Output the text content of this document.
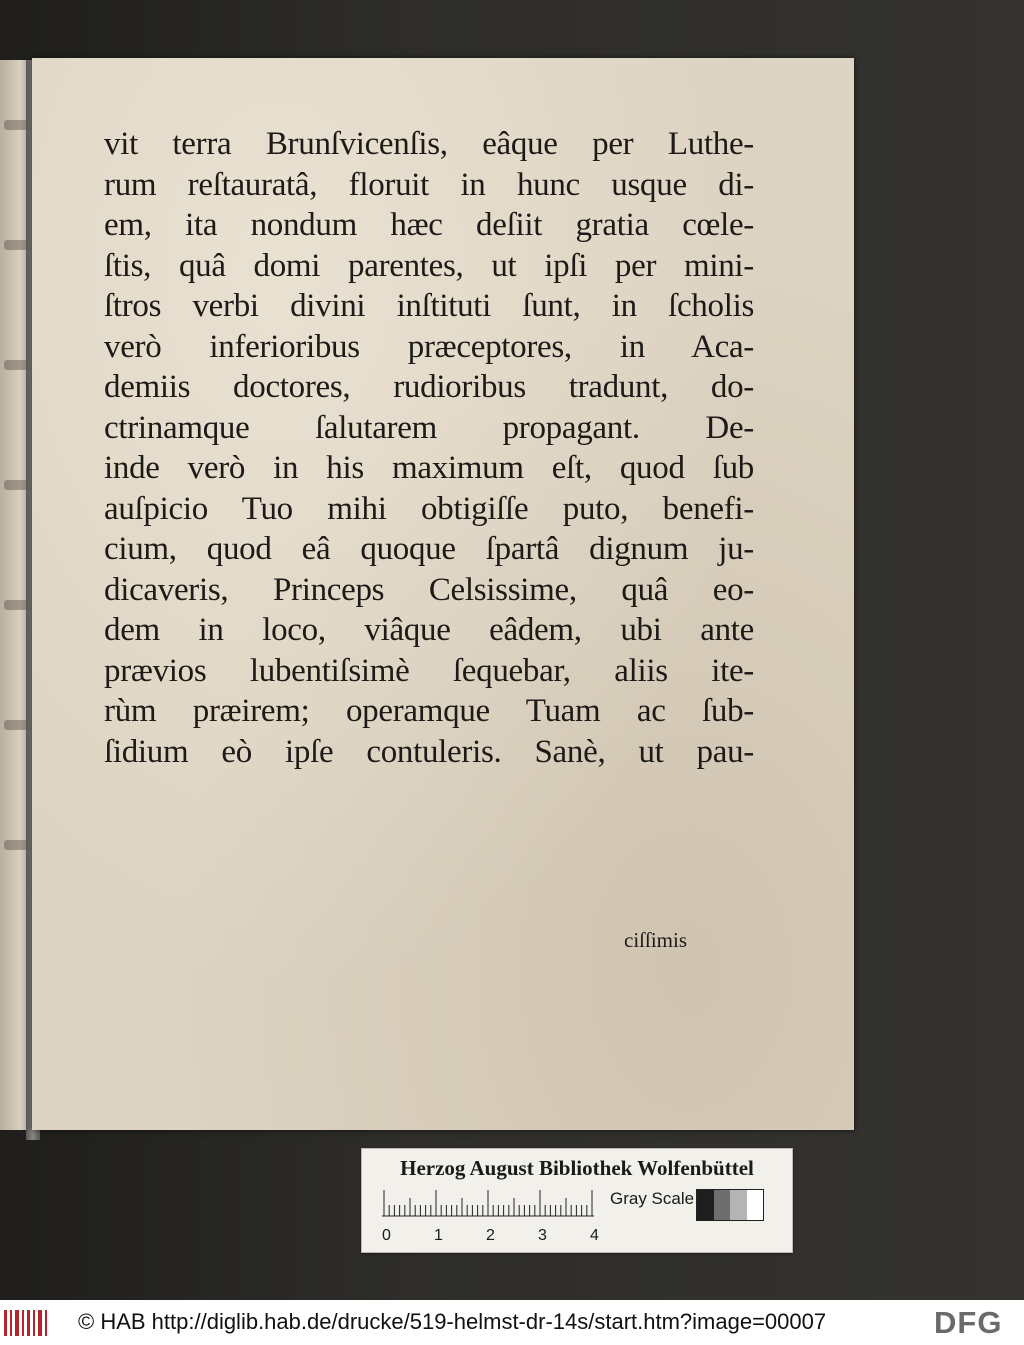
vit terra Brunſvicenſis, eâque per Luthe-
rum reſtauratâ, floruit in hunc usque di-
em, ita nondum hæc deſiit gratia cœle-
ſtis, quâ domi parentes, ut ipſi per mini-
ſtros verbi divini inſtituti ſunt, in ſcholis
verò inferioribus præceptores, in Aca-
demiis doctores, rudioribus tradunt, do-
ctrinamque ſalutarem propagant. De-
inde verò in his maximum eſt, quod ſub
auſpicio Tuo mihi obtigiſſe puto, benefi-
cium, quod eâ quoque ſpartâ dignum ju-
dicaveris, Princeps Celsissime, quâ eo-
dem in loco, viâque eâdem, ubi ante
prævios lubentiſsimè ſequebar, aliis ite-
rùm præirem; operamque Tuam ac ſub-
ſidium eò ipſe contuleris. Sanè, ut pau-
ciſſimis
Herzog August Bibliothek Wolfenbüttel
0	1	2	3	4
Gray Scale
© HAB http://diglib.hab.de/drucke/519-helmst-dr-14s/start.htm?image=00007	DFG
